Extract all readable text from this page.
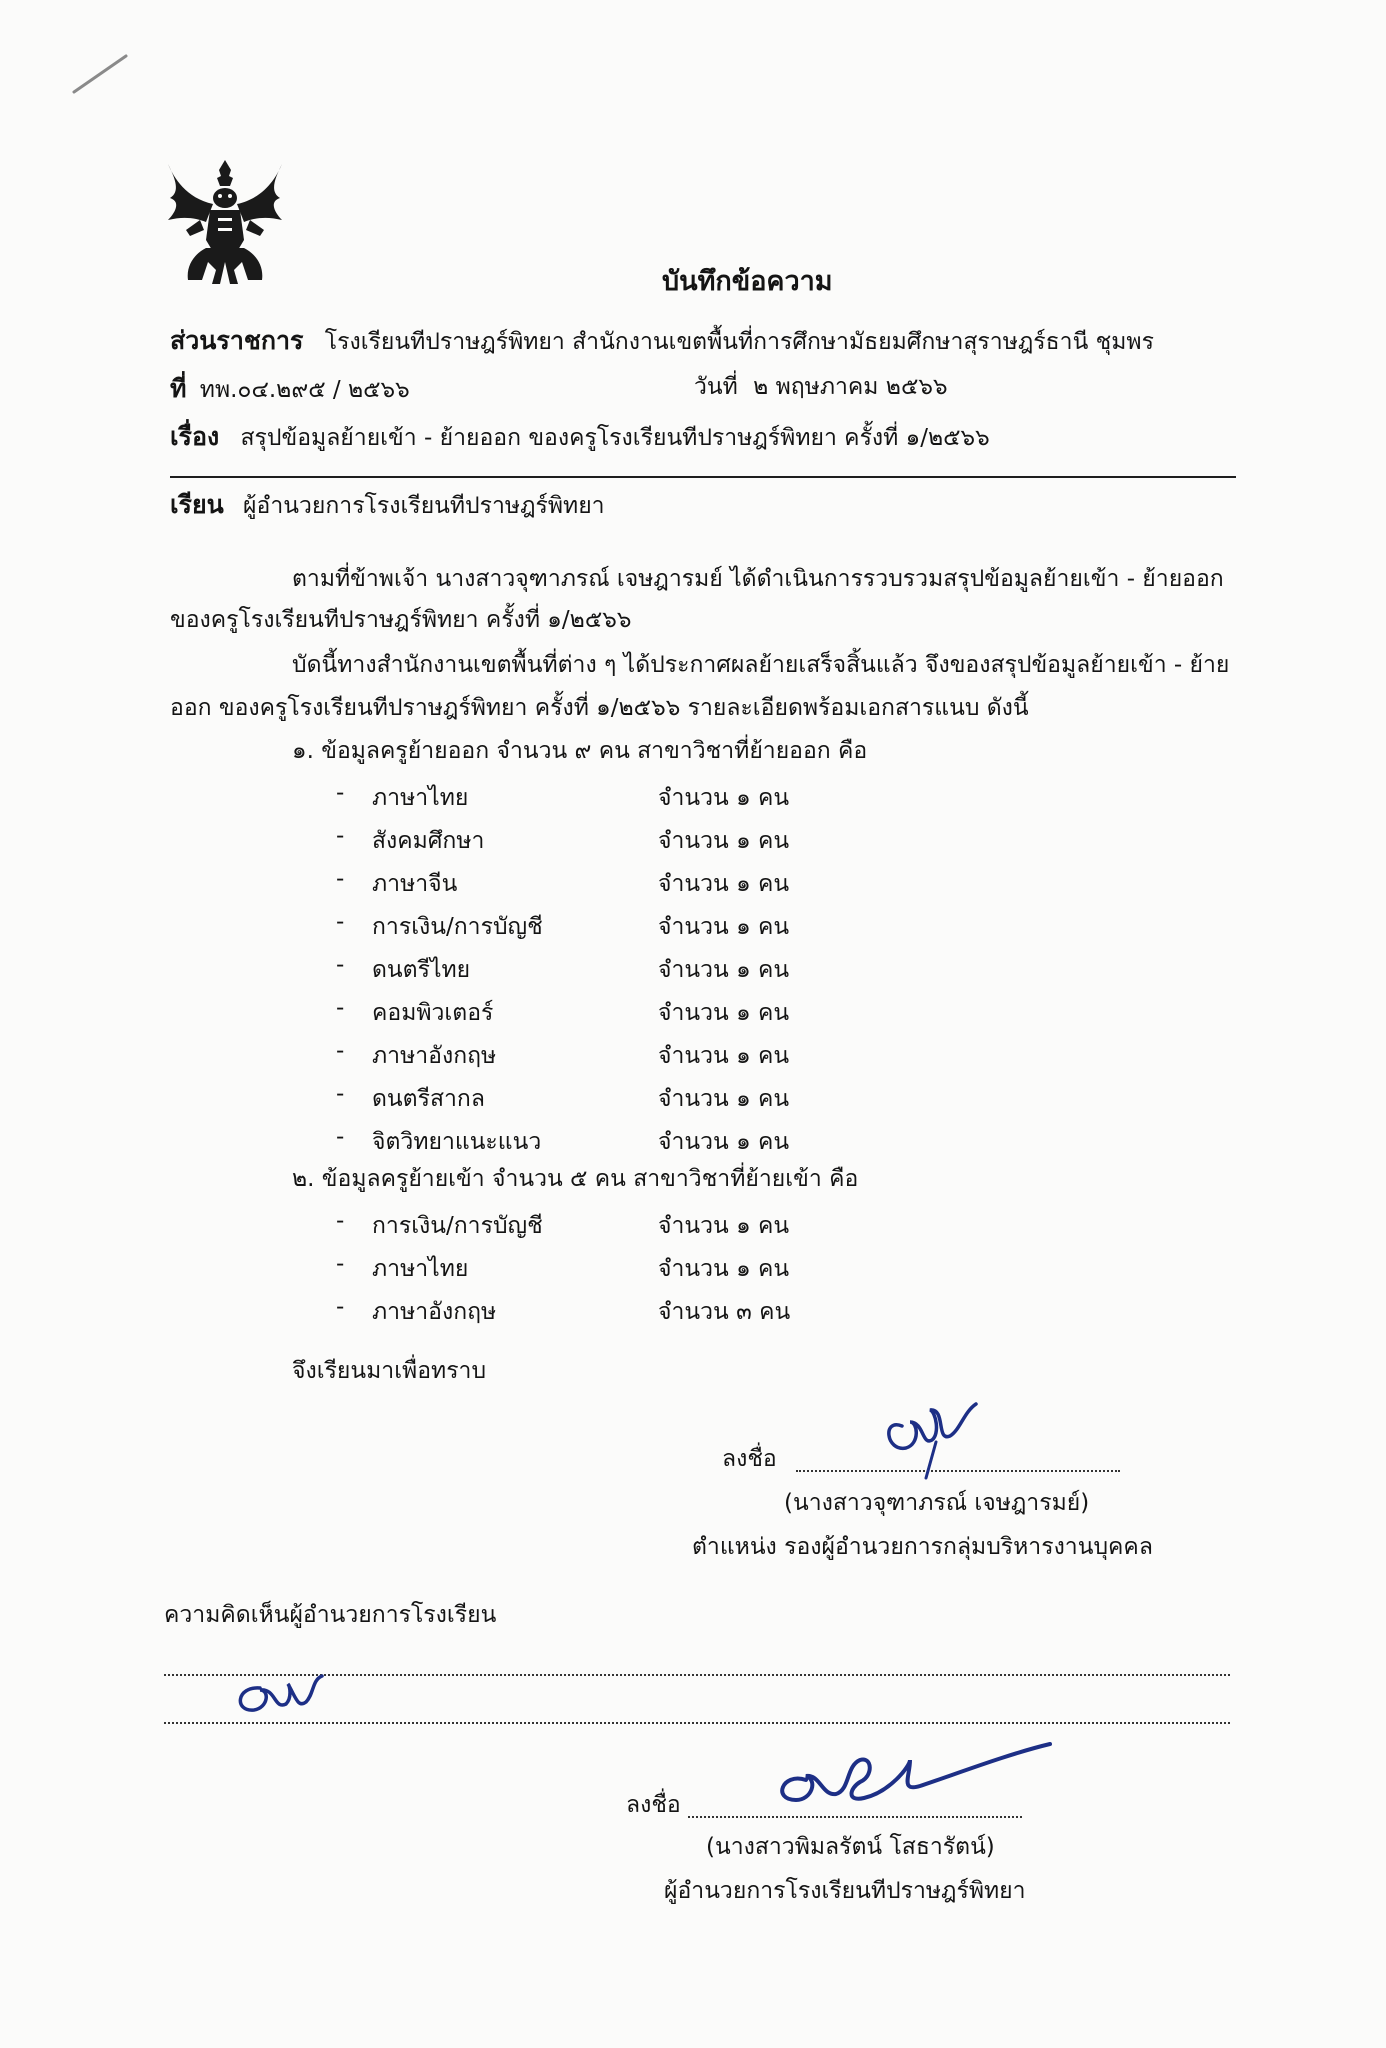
บันทึกข้อความ
ส่วนราชการ โรงเรียนทีปราษฎร์พิทยา สำนักงานเขตพื้นที่การศึกษามัธยมศึกษาสุราษฎร์ธานี ชุมพร
ที่ ทพ.๐๔.๒๙๕ / ๒๕๖๖	วันที่ ๒ พฤษภาคม ๒๕๖๖
เรื่อง สรุปข้อมูลย้ายเข้า - ย้ายออก ของครูโรงเรียนทีปราษฎร์พิทยา ครั้งที่ ๑/๒๕๖๖
เรียน ผู้อำนวยการโรงเรียนทีปราษฎร์พิทยา
ตามที่ข้าพเจ้า นางสาวจุฑาภรณ์ เจษฎารมย์ ได้ดำเนินการรวบรวมสรุปข้อมูลย้ายเข้า - ย้ายออก
ของครูโรงเรียนทีปราษฎร์พิทยา ครั้งที่ ๑/๒๕๖๖
บัดนี้ทางสำนักงานเขตพื้นที่ต่าง ๆ ได้ประกาศผลย้ายเสร็จสิ้นแล้ว จึงของสรุปข้อมูลย้ายเข้า - ย้าย
ออก ของครูโรงเรียนทีปราษฎร์พิทยา ครั้งที่ ๑/๒๕๖๖ รายละเอียดพร้อมเอกสารแนบ ดังนี้
๑. ข้อมูลครูย้ายออก จำนวน ๙ คน สาขาวิชาที่ย้ายออก คือ
- ภาษาไทย	จำนวน ๑ คน
- สังคมศึกษา	จำนวน ๑ คน
- ภาษาจีน	จำนวน ๑ คน
- การเงิน/การบัญชี	จำนวน ๑ คน
- ดนตรีไทย	จำนวน ๑ คน
- คอมพิวเตอร์	จำนวน ๑ คน
- ภาษาอังกฤษ	จำนวน ๑ คน
- ดนตรีสากล	จำนวน ๑ คน
- จิตวิทยาแนะแนว	จำนวน ๑ คน
๒. ข้อมูลครูย้ายเข้า จำนวน ๕ คน สาขาวิชาที่ย้ายเข้า คือ
- การเงิน/การบัญชี	จำนวน ๑ คน
- ภาษาไทย	จำนวน ๑ คน
- ภาษาอังกฤษ	จำนวน ๓ คน
จึงเรียนมาเพื่อทราบ
ลงชื่อ
(นางสาวจุฑาภรณ์ เจษฎารมย์)
ตำแหน่ง รองผู้อำนวยการกลุ่มบริหารงานบุคคล
ความคิดเห็นผู้อำนวยการโรงเรียน
ลงชื่อ
(นางสาวพิมลรัตน์ โสธารัตน์)
ผู้อำนวยการโรงเรียนทีปราษฎร์พิทยา
